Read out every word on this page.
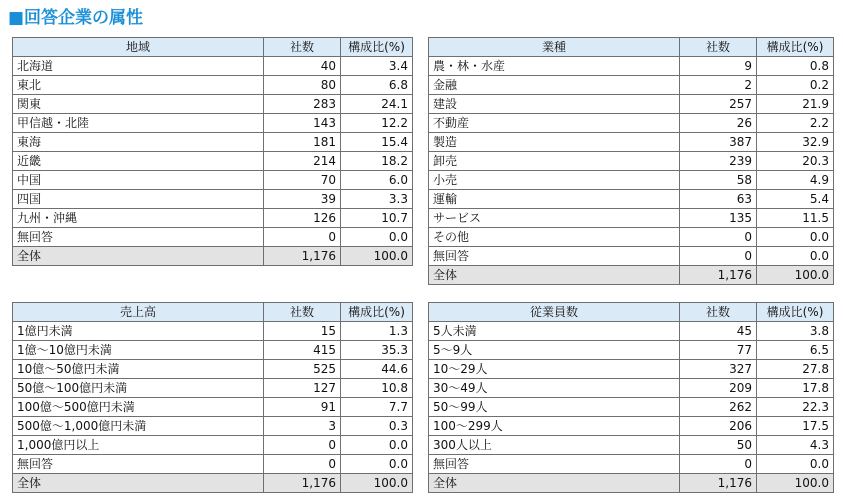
■回答企業の属性
地域	社数	構成比(%)
北海道	40	3.4
東北	80	6.8
関東	283	24.1
甲信越・北陸	143	12.2
東海	181	15.4
近畿	214	18.2
中国	70	6.0
四国	39	3.3
九州・沖縄	126	10.7
無回答	0	0.0
全体	1,176	100.0
業種	社数	構成比(%)
農・林・水産	9	0.8
金融	2	0.2
建設	257	21.9
不動産	26	2.2
製造	387	32.9
卸売	239	20.3
小売	58	4.9
運輸	63	5.4
サービス	135	11.5
その他	0	0.0
無回答	0	0.0
全体	1,176	100.0
売上高	社数	構成比(%)
1億円未満	15	1.3
1億～10億円未満	415	35.3
10億～50億円未満	525	44.6
50億～100億円未満	127	10.8
100億～500億円未満	91	7.7
500億～1,000億円未満	3	0.3
1,000億円以上	0	0.0
無回答	0	0.0
全体	1,176	100.0
従業員数	社数	構成比(%)
5人未満	45	3.8
5～9人	77	6.5
10～29人	327	27.8
30～49人	209	17.8
50～99人	262	22.3
100～299人	206	17.5
300人以上	50	4.3
無回答	0	0.0
全体	1,176	100.0
